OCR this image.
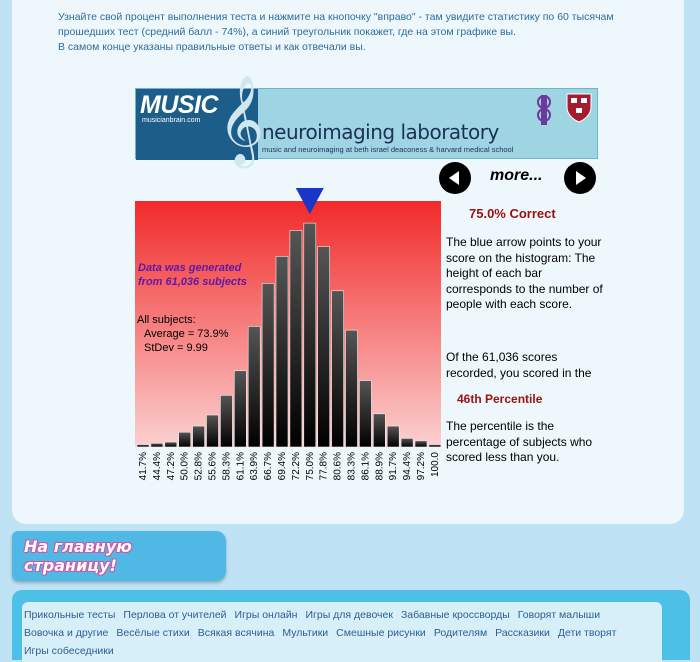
Узнайте свой процент выполнения теста и нажмите на кнопочку "вправо" - там увидите статистику по 60 тысячам

прошедших тест (средний балл - 74%), а синий треугольник покажет, где на этом графике вы.

В самом конце указаны правильные ответы и как отвечали вы.

MUSIC
musicianbrain.com 𝄞
neuroimaging laboratory
music and neuroimaging at beth israel deaconess & harvard medical school
more...
41.7% 44.4% 47.2% 50.0% 52.8% 55.6% 58.3% 61.1% 63.9% 66.7% 69.4% 72.2% 75.0% 77.8% 80.6% 83.3% 86.1% 88.9% 91.7% 94.4% 97.2% 100.0
Data was generated
from 61,036 subjects
All subjects:
Average = 73.9%
StDev = 9.99
75.0% Correct
The blue arrow points to your score on the histogram: The height of each bar corresponds to the number of people with each score.
Of the 61,036 scores recorded, you scored in the
46th Percentile
The percentile is the percentage of subjects who scored less than you.
На главную страницу!
Прикольные тесты Перлова от учителей Игры онлайн Игры для девочек Забавные кроссворды Говорят малыши
Вовочка и другие Весёлые стихи Всякая всячина Мультики Смешные рисунки Родителям Рассказики Дети творят
Игры собеседники
